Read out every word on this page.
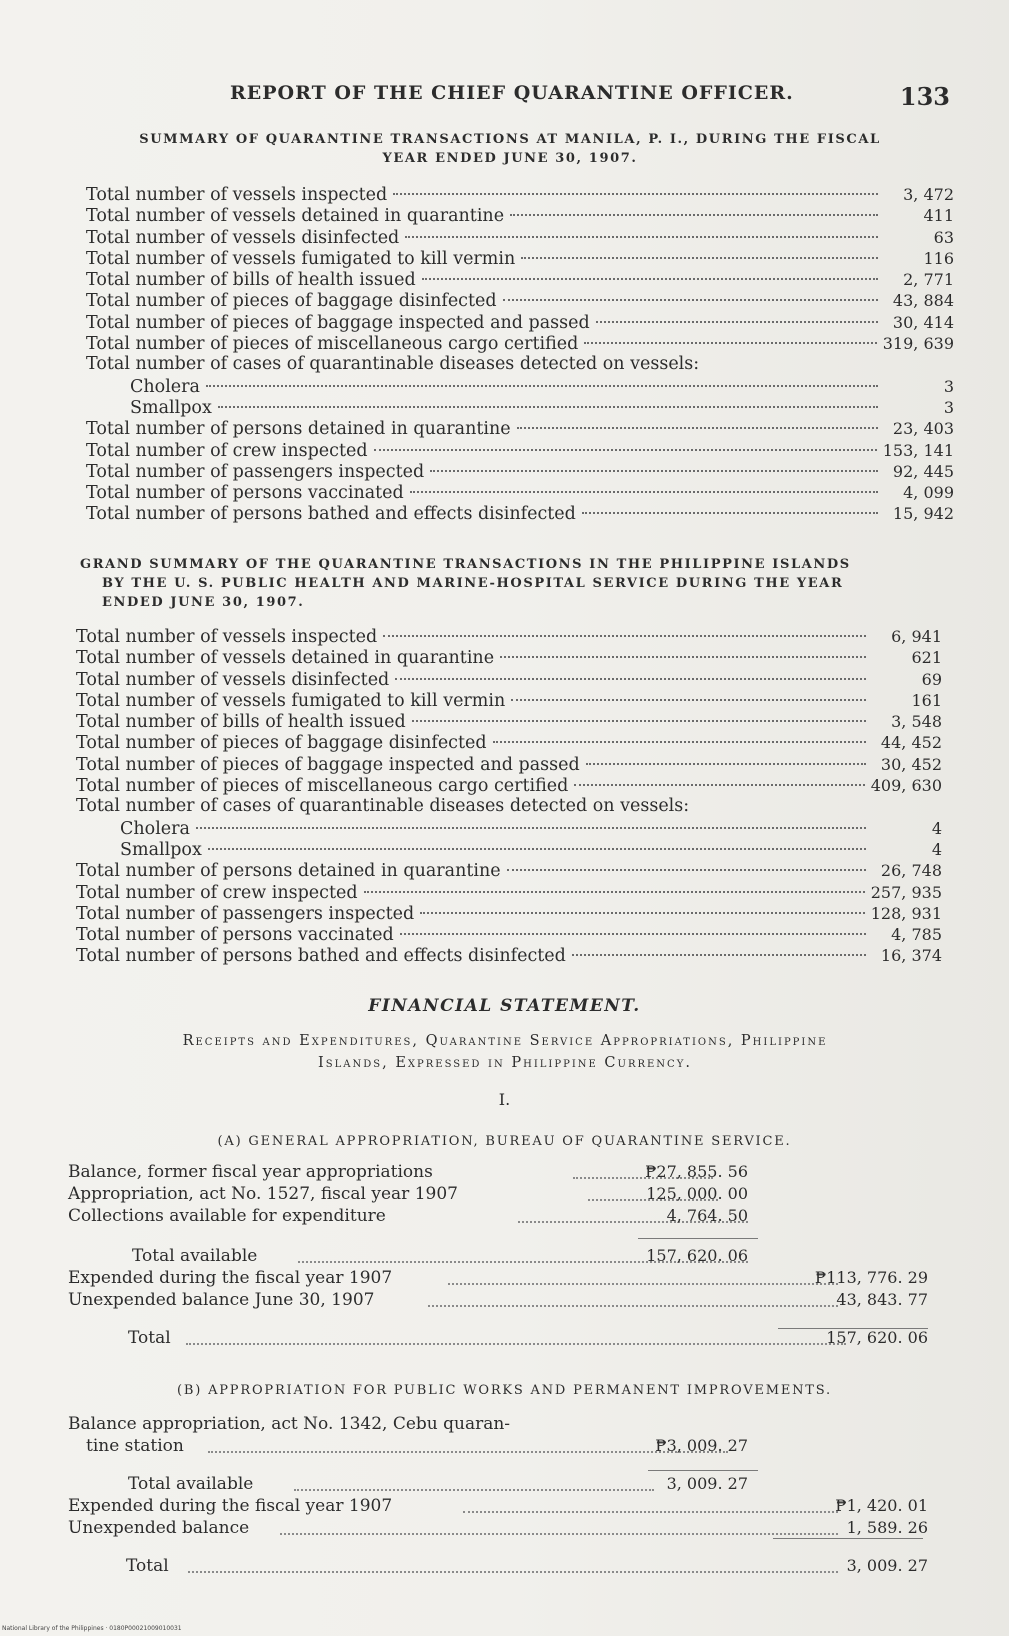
REPORT OF THE CHIEF QUARANTINE OFFICER.	133
SUMMARY OF QUARANTINE TRANSACTIONS AT MANILA, P. I., DURING THE FISCAL
YEAR ENDED JUNE 30, 1907.
Total number of vessels inspected	3, 472
Total number of vessels detained in quarantine	411
Total number of vessels disinfected	63
Total number of vessels fumigated to kill vermin	116
Total number of bills of health issued	2, 771
Total number of pieces of baggage disinfected	43, 884
Total number of pieces of baggage inspected and passed	30, 414
Total number of pieces of miscellaneous cargo certified	319, 639
Total number of cases of quarantinable diseases detected on vessels:
Cholera	3
Smallpox	3
Total number of persons detained in quarantine	23, 403
Total number of crew inspected	153, 141
Total number of passengers inspected	92, 445
Total number of persons vaccinated	4, 099
Total number of persons bathed and effects disinfected	15, 942
GRAND SUMMARY OF THE QUARANTINE TRANSACTIONS IN THE PHILIPPINE ISLANDS
BY THE U. S. PUBLIC HEALTH AND MARINE-HOSPITAL SERVICE DURING THE YEAR
ENDED JUNE 30, 1907.
Total number of vessels inspected	6, 941
Total number of vessels detained in quarantine	621
Total number of vessels disinfected	69
Total number of vessels fumigated to kill vermin	161
Total number of bills of health issued	3, 548
Total number of pieces of baggage disinfected	44, 452
Total number of pieces of baggage inspected and passed	30, 452
Total number of pieces of miscellaneous cargo certified	409, 630
Total number of cases of quarantinable diseases detected on vessels:
Cholera	4
Smallpox	4
Total number of persons detained in quarantine	26, 748
Total number of crew inspected	257, 935
Total number of passengers inspected	128, 931
Total number of persons vaccinated	4, 785
Total number of persons bathed and effects disinfected	16, 374
FINANCIAL STATEMENT.
Receipts and Expenditures, Quarantine Service Appropriations, Philippine
Islands, Expressed in Philippine Currency.
I.
(A) GENERAL APPROPRIATION, BUREAU OF QUARANTINE SERVICE.
Balance, former fiscal year appropriations	₱27, 855. 56
Appropriation, act No. 1527, fiscal year 1907	125, 000. 00
Collections available for expenditure	4, 764. 50
Total available	157, 620. 06
Expended during the fiscal year 1907	₱113, 776. 29
Unexpended balance June 30, 1907	43, 843. 77
Total	157, 620. 06
(B) APPROPRIATION FOR PUBLIC WORKS AND PERMANENT IMPROVEMENTS.
Balance appropriation, act No. 1342, Cebu quaran-
tine station	₱3, 009. 27
Total available	3, 009. 27
Expended during the fiscal year 1907	₱1, 420. 01
Unexpended balance	1, 589. 26
Total	3, 009. 27
National Library of the Philippines · 0180P00021009010031
